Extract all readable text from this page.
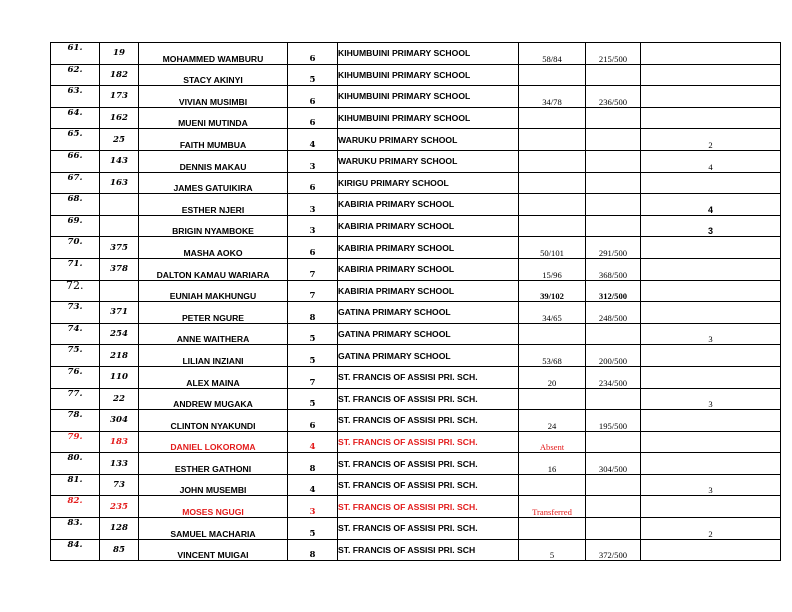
61.	19	MOHAMMED WAMBURU	6	KIHUMBUINI PRIMARY SCHOOL	58/84	215/500	
62.	182	STACY AKINYI	5	KIHUMBUINI PRIMARY SCHOOL			
63.	173	VIVIAN MUSIMBI	6	KIHUMBUINI PRIMARY SCHOOL	34/78	236/500	
64.	162	MUENI MUTINDA	6	KIHUMBUINI PRIMARY SCHOOL			
65.	25	FAITH MUMBUA	4	WARUKU PRIMARY SCHOOL			2
66.	143	DENNIS MAKAU	3	WARUKU PRIMARY SCHOOL			4
67.	163	JAMES GATUIKIRA	6	KIRIGU PRIMARY SCHOOL			
68.		ESTHER NJERI	3	KABIRIA PRIMARY SCHOOL			4
69.		BRIGIN NYAMBOKE	3	KABIRIA PRIMARY SCHOOL			3
70.	375	MASHA AOKO	6	KABIRIA PRIMARY SCHOOL	50/101	291/500	
71.	378	DALTON KAMAU WARIARA	7	KABIRIA PRIMARY SCHOOL	15/96	368/500	
72.		EUNIAH MAKHUNGU	7	KABIRIA PRIMARY SCHOOL	39/102	312/500	
73.	371	PETER NGURE	8	GATINA PRIMARY SCHOOL	34/65	248/500	
74.	254	ANNE WAITHERA	5	GATINA PRIMARY SCHOOL			3
75.	218	LILIAN INZIANI	5	GATINA PRIMARY SCHOOL	53/68	200/500	
76.	110	ALEX MAINA	7	ST. FRANCIS OF ASSISI PRI. SCH.	20	234/500	
77.	22	ANDREW MUGAKA	5	ST. FRANCIS OF ASSISI PRI. SCH.			3
78.	304	CLINTON NYAKUNDI	6	ST. FRANCIS OF ASSISI PRI. SCH.	24	195/500	
79.	183	DANIEL LOKOROMA	4	ST. FRANCIS OF ASSISI PRI. SCH.	Absent		
80.	133	ESTHER GATHONI	8	ST. FRANCIS OF ASSISI PRI. SCH.	16	304/500	
81.	73	JOHN MUSEMBI	4	ST. FRANCIS OF ASSISI PRI. SCH.			3
82.	235	MOSES NGUGI	3	ST. FRANCIS OF ASSISI PRI. SCH.	Transferred		
83.	128	SAMUEL MACHARIA	5	ST. FRANCIS OF ASSISI PRI. SCH.			2
84.	85	VINCENT MUIGAI	8	ST. FRANCIS OF ASSISI PRI. SCH	5	372/500	
